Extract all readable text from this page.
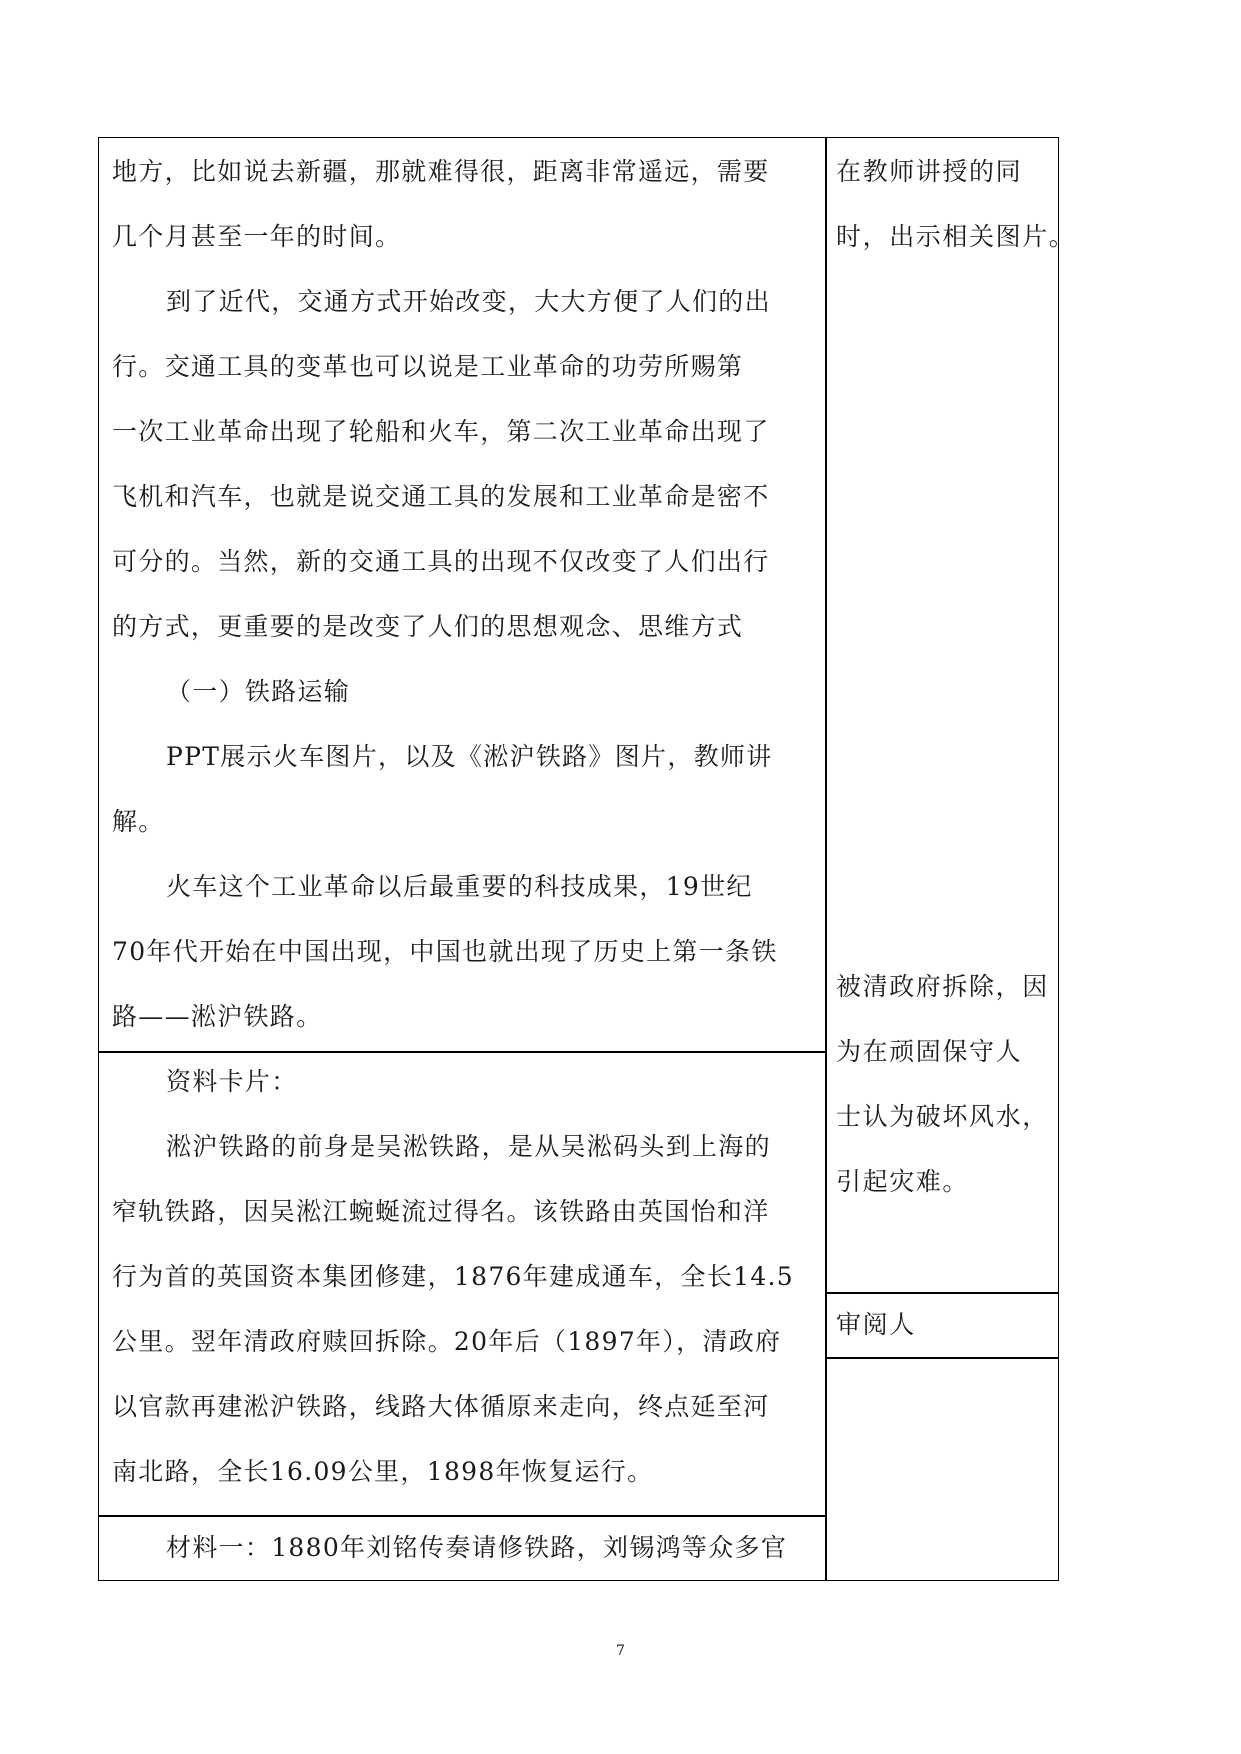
地方，比如说去新疆，那就难得很，距离非常遥远，需要
几个月甚至一年的时间。
到了近代，交通方式开始改变，大大方便了人们的出
行。交通工具的变革也可以说是工业革命的功劳所赐第
一次工业革命出现了轮船和火车，第二次工业革命出现了
飞机和汽车，也就是说交通工具的发展和工业革命是密不
可分的。当然，新的交通工具的出现不仅改变了人们出行
的方式，更重要的是改变了人们的思想观念、思维方式
（一）铁路运输
PPT展示火车图片，以及《淞沪铁路》图片，教师讲
解。
火车这个工业革命以后最重要的科技成果，19世纪
70年代开始在中国出现，中国也就出现了历史上第一条铁
路——淞沪铁路。
资料卡片：
淞沪铁路的前身是吴淞铁路，是从吴淞码头到上海的
窄轨铁路，因吴淞江蜿蜒流过得名。该铁路由英国怡和洋
行为首的英国资本集团修建，1876年建成通车，全长14.5
公里。翌年清政府赎回拆除。20年后（1897年），清政府
以官款再建淞沪铁路，线路大体循原来走向，终点延至河
南北路，全长16.09公里，1898年恢复运行。
材料一：1880年刘铭传奏请修铁路，刘锡鸿等众多官
在教师讲授的同
时，出示相关图片。
被清政府拆除，因
为在顽固保守人
士认为破坏风水，
引起灾难。
审阅人
7
